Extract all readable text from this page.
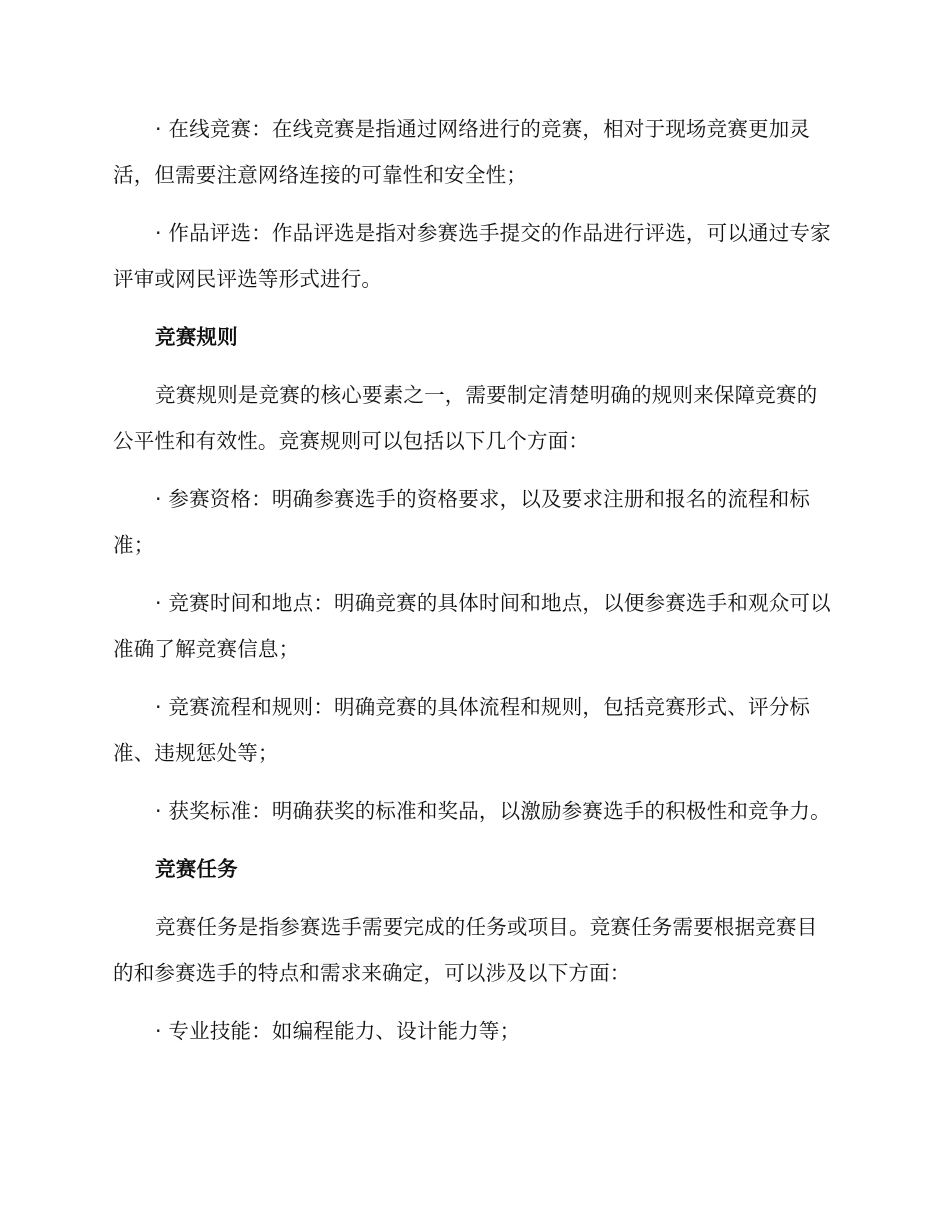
· 在线竞赛：在线竞赛是指通过网络进行的竞赛，相对于现场竞赛更加灵活，但需要注意网络连接的可靠性和安全性；

· 作品评选：作品评选是指对参赛选手提交的作品进行评选，可以通过专家评审或网民评选等形式进行。

竞赛规则

竞赛规则是竞赛的核心要素之一，需要制定清楚明确的规则来保障竞赛的公平性和有效性。竞赛规则可以包括以下几个方面：

· 参赛资格：明确参赛选手的资格要求，以及要求注册和报名的流程和标准；

· 竞赛时间和地点：明确竞赛的具体时间和地点，以便参赛选手和观众可以准确了解竞赛信息；

· 竞赛流程和规则：明确竞赛的具体流程和规则，包括竞赛形式、评分标准、违规惩处等；

· 获奖标准：明确获奖的标准和奖品，以激励参赛选手的积极性和竞争力。

竞赛任务

竞赛任务是指参赛选手需要完成的任务或项目。竞赛任务需要根据竞赛目的和参赛选手的特点和需求来确定，可以涉及以下方面：

· 专业技能：如编程能力、设计能力等；
